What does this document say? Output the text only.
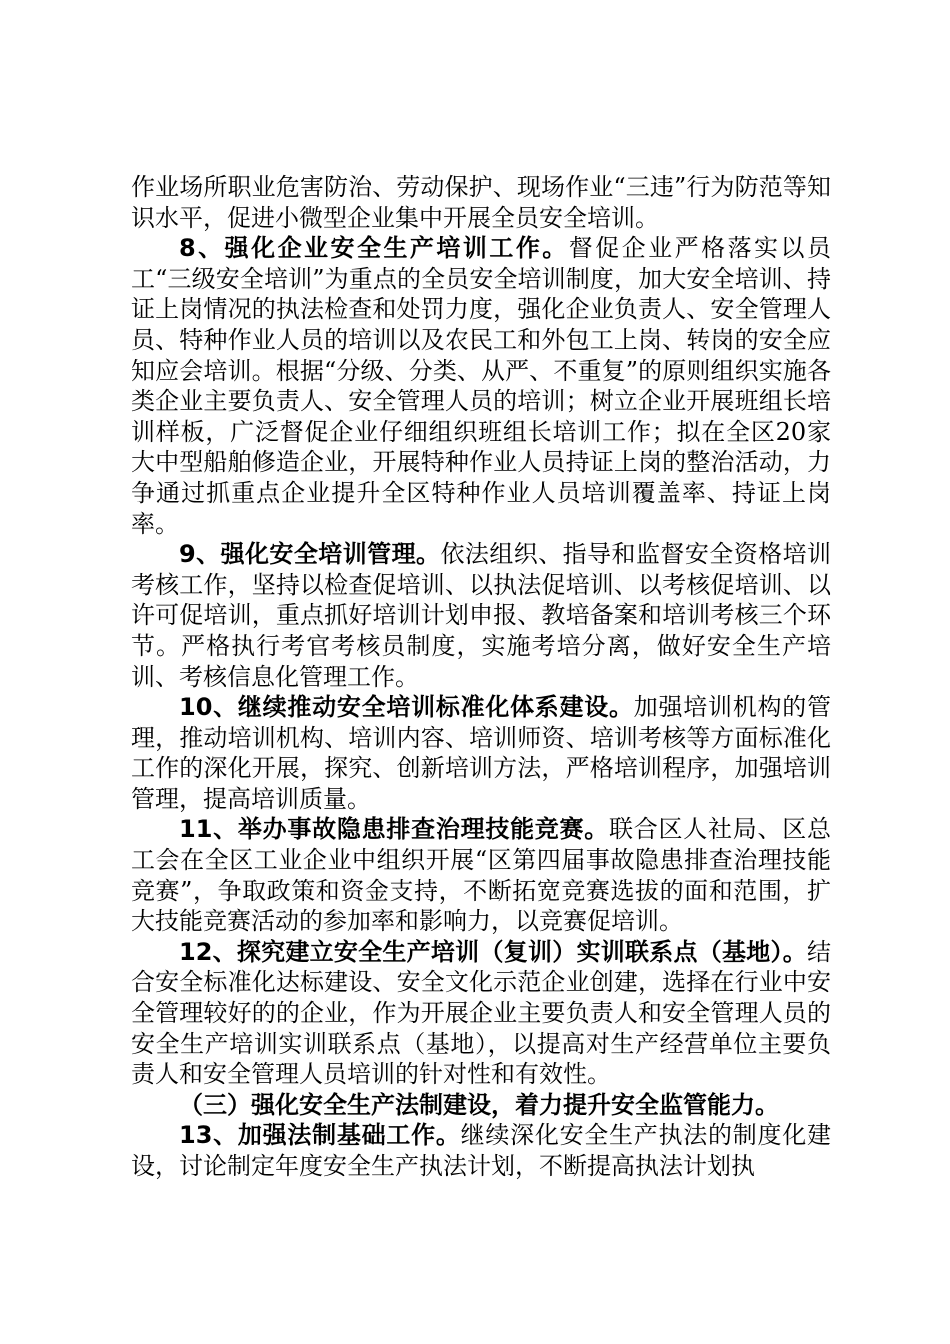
作业场所职业危害防治、劳动保护、现场作业“三违”行为防范等知识水平，促进小微型企业集中开展全员安全培训。

8、强化企业安全生产培训工作。督促企业严格落实以员工“三级安全培训”为重点的全员安全培训制度，加大安全培训、持证上岗情况的执法检查和处罚力度，强化企业负责人、安全管理人员、特种作业人员的培训以及农民工和外包工上岗、转岗的安全应知应会培训。根据“分级、分类、从严、不重复”的原则组织实施各类企业主要负责人、安全管理人员的培训；树立企业开展班组长培训样板，广泛督促企业仔细组织班组长培训工作；拟在全区20家大中型船舶修造企业，开展特种作业人员持证上岗的整治活动，力争通过抓重点企业提升全区特种作业人员培训覆盖率、持证上岗率。

9、强化安全培训管理。依法组织、指导和监督安全资格培训考核工作，坚持以检查促培训、以执法促培训、以考核促培训、以许可促培训，重点抓好培训计划申报、教培备案和培训考核三个环节。严格执行考官考核员制度，实施考培分离，做好安全生产培训、考核信息化管理工作。

10、继续推动安全培训标准化体系建设。加强培训机构的管理，推动培训机构、培训内容、培训师资、培训考核等方面标准化工作的深化开展，探究、创新培训方法，严格培训程序，加强培训管理，提高培训质量。

11、举办事故隐患排查治理技能竞赛。联合区人社局、区总工会在全区工业企业中组织开展“区第四届事故隐患排查治理技能竞赛”，争取政策和资金支持，不断拓宽竞赛选拔的面和范围，扩大技能竞赛活动的参加率和影响力，以竞赛促培训。

12、探究建立安全生产培训（复训）实训联系点（基地）。结合安全标准化达标建设、安全文化示范企业创建，选择在行业中安全管理较好的的企业，作为开展企业主要负责人和安全管理人员的安全生产培训实训联系点（基地），以提高对生产经营单位主要负责人和安全管理人员培训的针对性和有效性。

（三）强化安全生产法制建设，着力提升安全监管能力。

13、加强法制基础工作。继续深化安全生产执法的制度化建设，讨论制定年度安全生产执法计划，不断提高执法计划执
